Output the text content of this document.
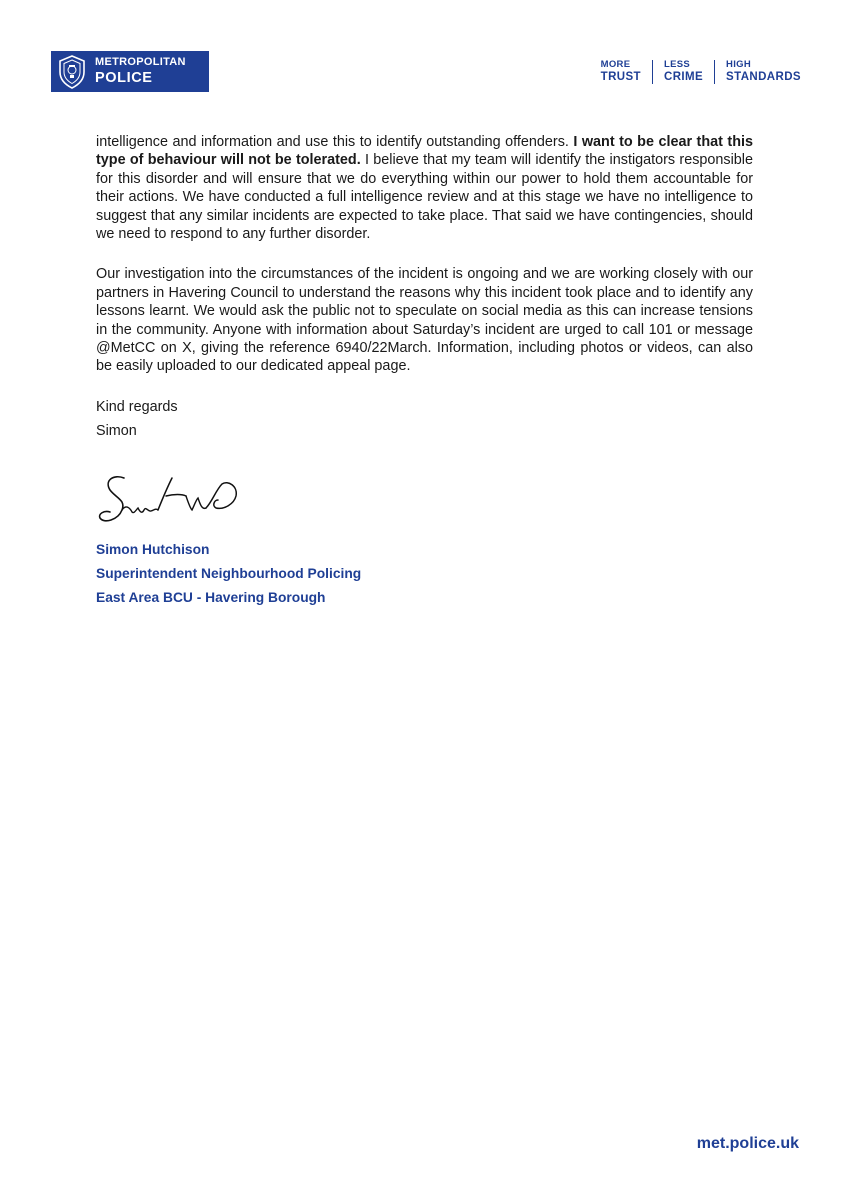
METROPOLITAN
POLICE
MORE
TRUST
LESS
CRIME
HIGH
STANDARDS

intelligence and information and use this to identify outstanding offenders. I want to be clear that this type of behaviour will not be tolerated. I believe that my team will identify the instigators responsible for this disorder and will ensure that we do everything within our power to hold them accountable for their actions. We have conducted a full intelligence review and at this stage we have no intelligence to suggest that any similar incidents are expected to take place. That said we have contingencies, should we need to respond to any further disorder.

Our investigation into the circumstances of the incident is ongoing and we are working closely with our partners in Havering Council to understand the reasons why this incident took place and to identify any lessons learnt. We would ask the public not to speculate on social media as this can increase tensions in the community. Anyone with information about Saturday’s incident are urged to call 101 or message @MetCC on X, giving the reference 6940/22March. Information, including photos or videos, can also be easily uploaded to our dedicated appeal page.

Kind regards

Simon

Simon Hutchison
Superintendent Neighbourhood Policing
East Area BCU - Havering Borough
met.police.uk
